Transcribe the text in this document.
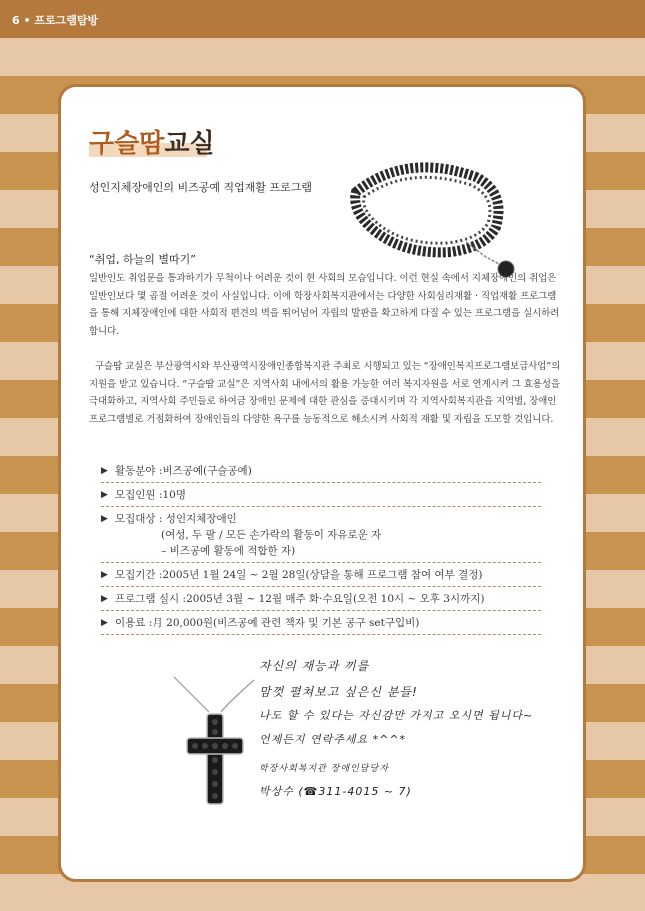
6 • 프로그램탐방
구슬땀교실
성인지체장애인의 비즈공예 직업재활 프로그램
“취업, 하늘의 별따기”
일반인도 취업문을 통과하기가 무척이나 어려운 것이 현 사회의 모습입니다. 이런 현실 속에서 지체장애인의 취업은 일반인보다 몇 곱절 어려운 것이 사실입니다. 이에 학장사회복지관에서는 다양한 사회심리재활 · 직업재활 프로그램을 통해 지체장애인에 대한 사회적 편견의 벽을 뛰어넘어 자립의 발판을 확고하게 다질 수 있는 프로그램을 실시하려 합니다.
구슬땀 교실은 부산광역시와 부산광역시장애인종합복지관 주최로 시행되고 있는 “장애인복지프로그램보급사업”의 지원을 받고 있습니다. “구슬땀 교실”은 지역사회 내에서의 활용 가능한 여러 복지자원을 서로 연계시켜 그 효용성을 극대화하고, 지역사회 주민들로 하여금 장애인 문제에 대한 관심을 증대시키며 각 지역사회복지관을 지역별, 장애인프로그램별로 거점화하여 장애인들의 다양한 욕구를 능동적으로 해소시켜 사회적 재활 및 자립을 도모할 것입니다.
▶ 활동분야 : 비즈공예(구슬공예)
▶ 모집인원 : 10명
▶ 모집대상 : 성인지체장애인
(여성, 두 팔 / 모든 손가락의 활동이 자유로운 자
– 비즈공예 활동에 적합한 자)
▶ 모집기간 : 2005년 1월 24일 ~ 2월 28일(상담을 통해 프로그램 참여 여부 결정)
▶ 프로그램 실시 : 2005년 3월 ~ 12월 매주 화·수요일(오전 10시 ~ 오후 3시까지)
▶ 이용료 : 月 20,000원(비즈공예 관련 책자 및 기본 공구 set구입비)
자신의 재능과 끼를
맘껏 펼쳐보고 싶은신 분들!
나도 할 수 있다는 자신감만 가지고 오시면 됩니다~
언제든지 연락주세요 *^^*
학장사회복지관 장애인담당자
박상수 (☎311-4015 ~ 7)
